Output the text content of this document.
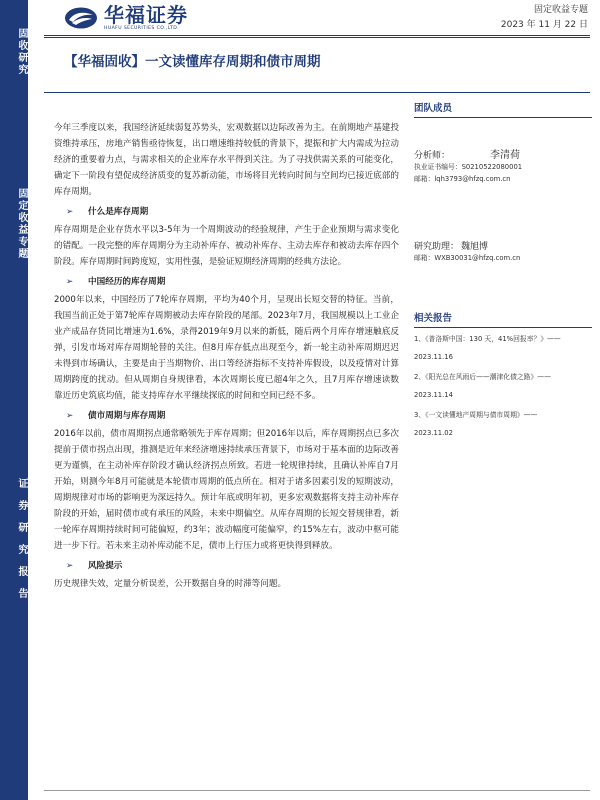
固收研究
固定收益专题
证券研究报告
华福证券
HUAFU SECURITIES CO.,LTD.
固定收益专题
2023 年 11 月 22 日
【华福固收】一文读懂库存周期和债市周期

今年三季度以来，我国经济延续弱复苏势头，宏观数据以边际改善为主。在前期地产基建投资维持承压，房地产销售亟待恢复，出口增速维持较低的背景下，提振和扩大内需成为拉动经济的重要着力点，与需求相关的企业库存水平得到关注。为了寻找供需关系的可能变化，确定下一阶段有望促成经济质变的复苏新动能，市场将目光转向时间与空间均已接近底部的库存周期。

➢ 什么是库存周期

库存周期是企业存货水平以3-5年为一个周期波动的经验规律，产生于企业预期与需求变化的错配。一段完整的库存周期分为主动补库存、被动补库存、主动去库存和被动去库存四个阶段。库存周期时间跨度短，实用性强，是验证短期经济周期的经典方法论。

➢ 中国经历的库存周期

2000年以来，中国经历了7轮库存周期，平均为40个月，呈现出长短交替的特征。当前，我国当前正处于第7轮库存周期被动去库存阶段的尾部。2023年7月，我国规模以上工业企业产成品存货同比增速为1.6%，录得2019年9月以来的新低，随后两个月库存增速触底反弹，引发市场对库存周期轮替的关注。但8月库存低点出现至今，新一轮主动补库周期迟迟未得到市场确认，主要是由于当期物价、出口等经济指标不支持补库假设，以及疫情对计算周期跨度的扰动。但从周期自身规律看，本次周期长度已超4年之久，且7月库存增速读数靠近历史筑底均值，能支持库存水平继续探底的时间和空间已经不多。

➢ 债市周期与库存周期

2016年以前，债市周期拐点通常略领先于库存周期；但2016年以后，库存周期拐点已多次提前于债市拐点出现，推测是近年来经济增速持续承压背景下，市场对于基本面的边际改善更为谨慎，在主动补库存阶段才确认经济拐点所致。若进一轮规律持续，且确认补库自7月开始，则测今年8月可能就是本轮债市周期的低点所在。相对于诸多因素引发的短期波动，周期规律对市场的影响更为深远持久。预计年底或明年初，更多宏观数据将支持主动补库存阶段的开始，届时债市或有承压的风险，未来中期偏空。从库存周期的长短交替规律看，新一轮库存周期持续时间可能偏短，约3年；波动幅度可能偏窄，约15%左右，波动中枢可能进一步下行。若未来主动补库动能不足，债市上行压力或将更快得到释放。

➢ 风险提示

历史规律失效，定量分析误差，公开数据自身的时滞等问题。

团队成员
分析师：	李清荷
执业证书编号：S0210522080001
邮箱：lqh3793@hfzq.com.cn
研究助理： 魏旭博
邮箱：WXB30031@hfzq.com.cn
相关报告
1、《普洛斯中国：130 天，41%回报率？》——
2023.11.16
2、《阳光总在风雨后——潮津化债之路》——
2023.11.14
3、《一文读懂地产周期与债市周期》——
2023.11.02
